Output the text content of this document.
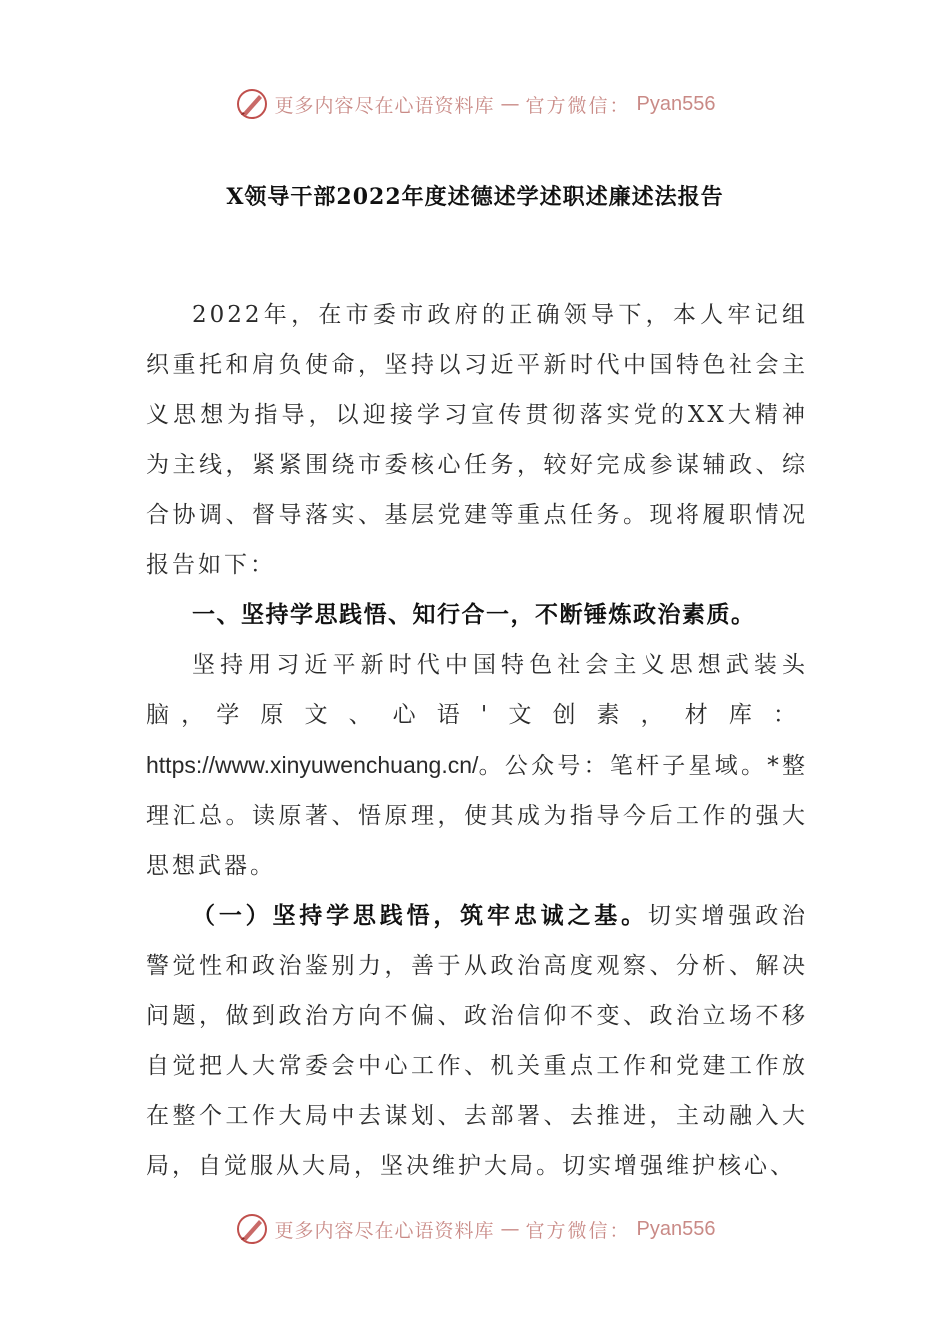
更多内容尽在心语资料库 — 官方微信： Pyan556
X领导干部2022年度述德述学述职述廉述法报告

2022年，在市委市政府的正确领导下，本人牢记组织重托和肩负使命，坚持以习近平新时代中国特色社会主义思想为指导，以迎接学习宣传贯彻落实党的XX大精神为主线，紧紧围绕市委核心任务，较好完成参谋辅政、综合协调、督导落实、基层党建等重点任务。现将履职情况报告如下：

一、坚持学思践悟、知行合一，不断锤炼政治素质。

坚持用习近平新时代中国特色社会主义思想武装头脑，学原文、心语'文创素，材库：https://www.xinyuwenchuang.cn/。公众号：笔杆子星域。*整理汇总。读原著、悟原理，使其成为指导今后工作的强大思想武器。

（一）坚持学思践悟，筑牢忠诚之基。切实增强政治警觉性和政治鉴别力，善于从政治高度观察、分析、解决问题，做到政治方向不偏、政治信仰不变、政治立场不移自觉把人大常委会中心工作、机关重点工作和党建工作放在整个工作大局中去谋划、去部署、去推进，主动融入大局，自觉服从大局，坚决维护大局。切实增强维护核心、

更多内容尽在心语资料库 — 官方微信： Pyan556
